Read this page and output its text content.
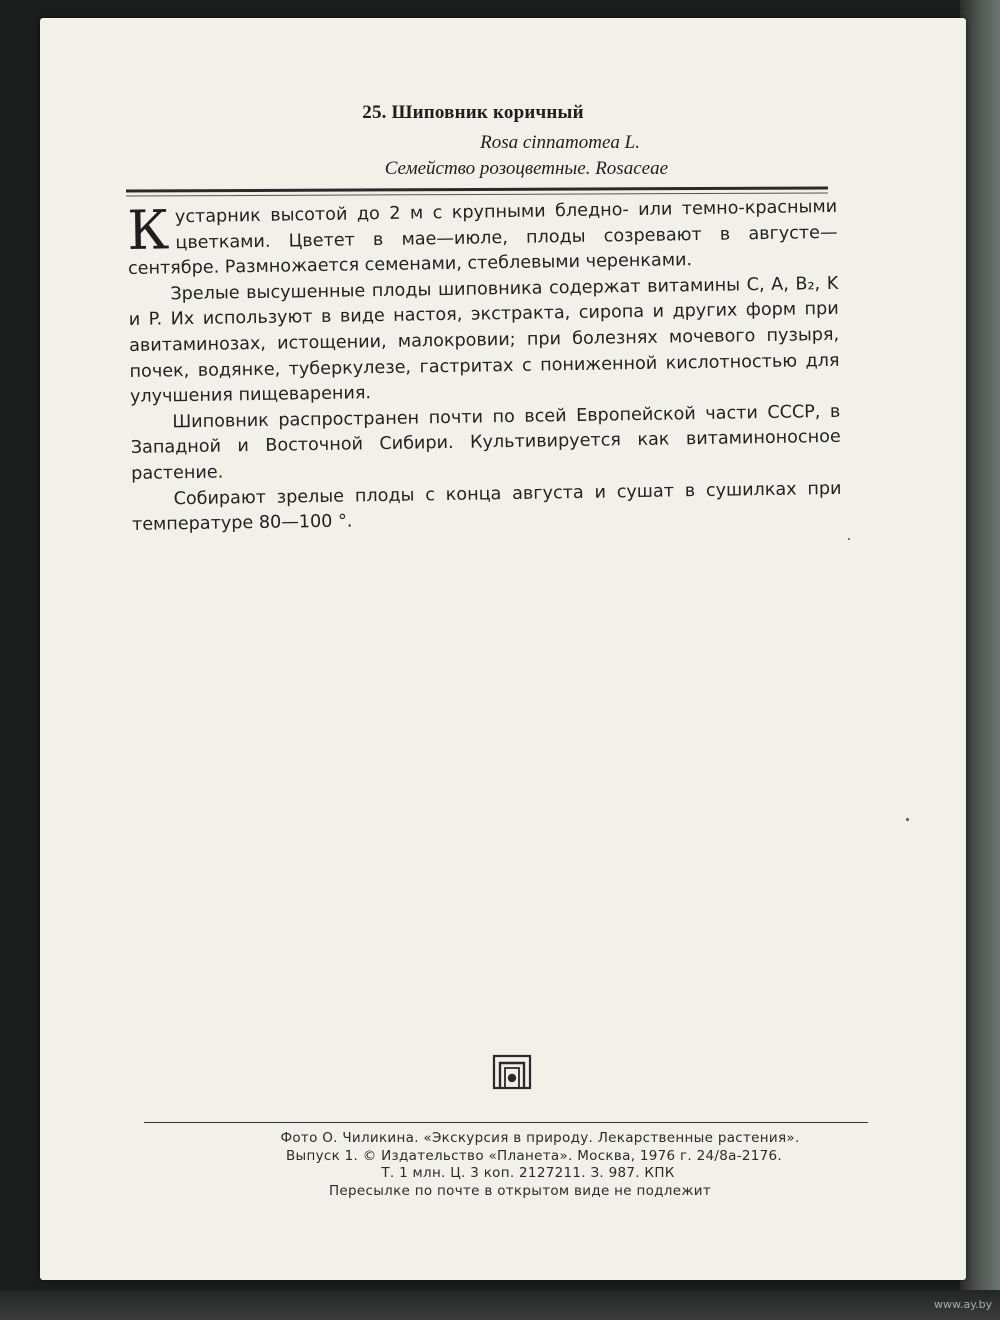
25. Шиповник коричный
Rosa cinnamomea L.
Семейство розоцветные. Rosaceae

Кустарник высотой до 2 м с крупными бледно- или темно-красными цветками. Цветет в мае—июле, плоды созревают в августе—сентябре. Размножается семенами, стеблевыми черенками.

Зрелые высушенные плоды шиповника содержат витамины C, A, B₂, K и P. Их используют в виде настоя, экстракта, сиропа и других форм при авитаминозах, истощении, малокровии; при болезнях мочевого пузыря, почек, водянке, туберкулезе, гастритах с пониженной кислотностью для улучшения пищеварения.

Шиповник распространен почти по всей Европейской части СССР, в Западной и Восточной Сибири. Культивируется как витаминоносное растение.

Собирают зрелые плоды с конца августа и сушат в сушилках при температуре 80—100 °.

Фото О. Чиликина. «Экскурсия в природу. Лекарственные растения».
Выпуск 1. © Издательство «Планета». Москва, 1976 г. 24/8а-2176.
Т. 1 млн. Ц. 3 коп. 2127211. З. 987. КПК
Пересылке по почте в открытом виде не подлежит
www.ay.by
